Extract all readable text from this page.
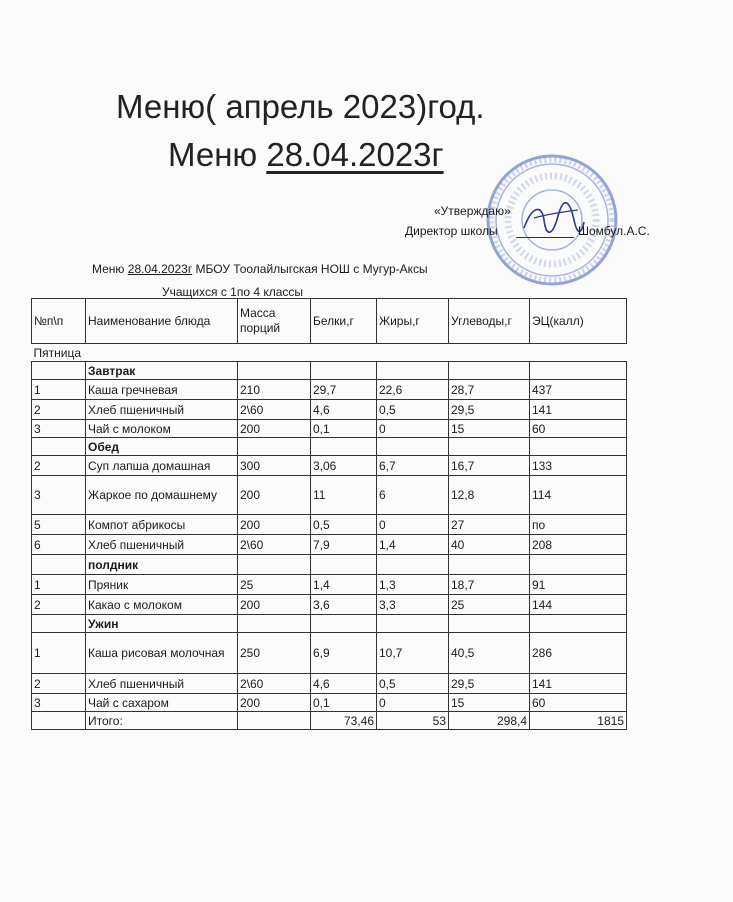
Меню( апрель 2023)год.
Меню 28.04.2023г
«Утверждаю»
Директор школы	Шомбул.А.С.
Меню 28.04.2023г МБОУ Тоолайлыгская НОШ с Мугур-Аксы
Учащихся с 1по 4 классы
№п\п	Наименование блюда	Масса порций	Белки,г	Жиры,г	Углеводы,г	ЭЦ(калл)
Пятница						
	Завтрак					
1	Каша гречневая	210	29,7	22,6	28,7	437
2	Хлеб пшеничный	2\60	4,6	0,5	29,5	141
3	Чай с молоком	200	0,1	0	15	60
	Обед					
2	Суп лапша домашная	300	3,06	6,7	16,7	133
3	Жаркое по домашнему	200	11	6	12,8	114
5	Компот абрикосы	200	0,5	0	27	по
6	Хлеб пшеничный	2\60	7,9	1,4	40	208
	полдник					
1	Пряник	25	1,4	1,3	18,7	91
2	Какао с молоком	200	3,6	3,3	25	144
	Ужин					
1	Каша рисовая молочная	250	6,9	10,7	40,5	286
2	Хлеб пшеничный	2\60	4,6	0,5	29,5	141
3	Чай с сахаром	200	0,1	0	15	60
	Итого:		73,46	53	298,4	1815
